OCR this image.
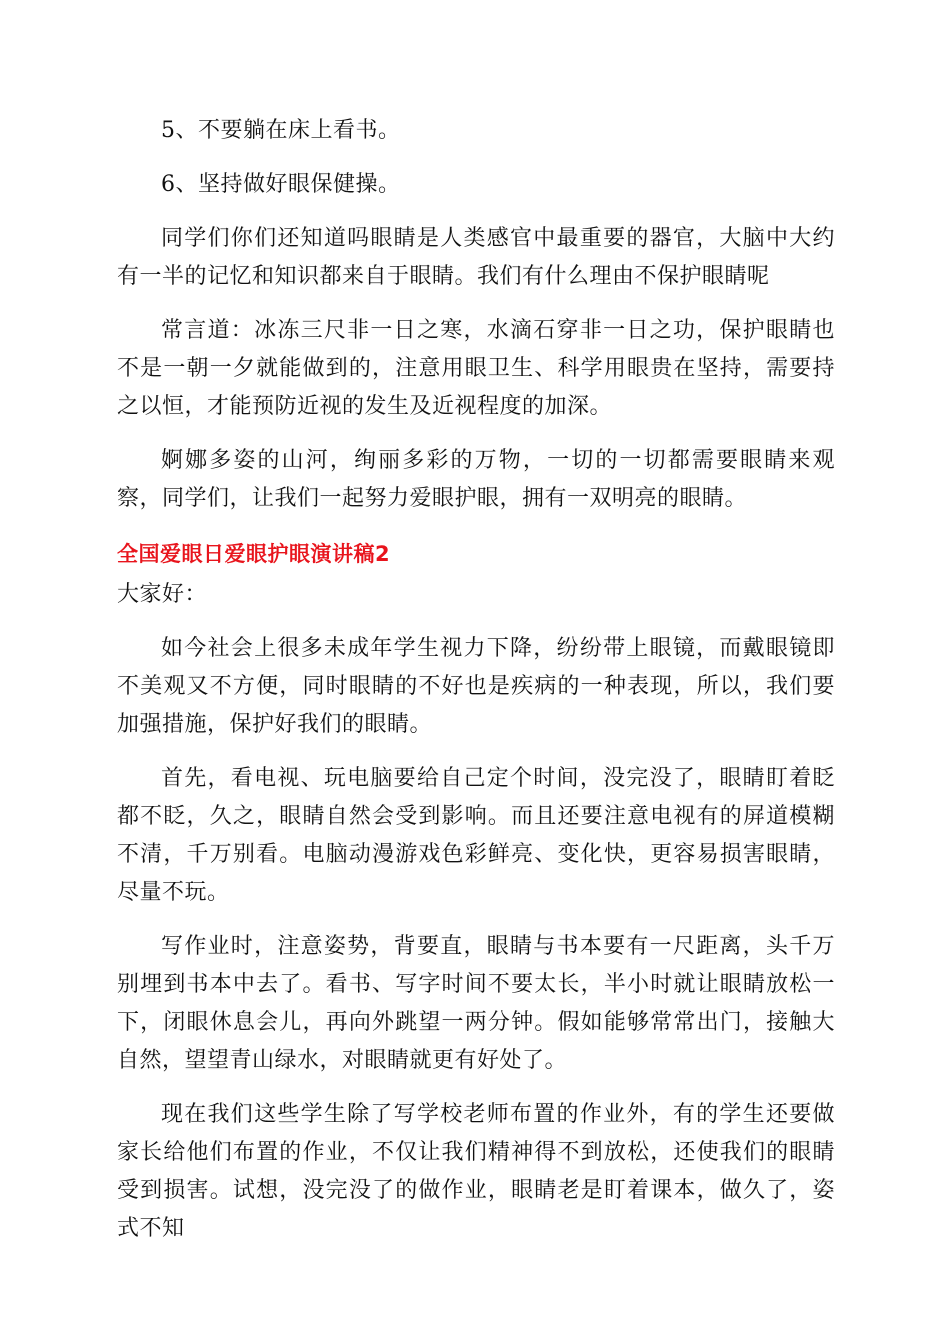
5、不要躺在床上看书。

6、坚持做好眼保健操。

同学们你们还知道吗眼睛是人类感官中最重要的器官，大脑中大约有一半的记忆和知识都来自于眼睛。我们有什么理由不保护眼睛呢

常言道：冰冻三尺非一日之寒，水滴石穿非一日之功，保护眼睛也不是一朝一夕就能做到的，注意用眼卫生、科学用眼贵在坚持，需要持之以恒，才能预防近视的发生及近视程度的加深。

婀娜多姿的山河，绚丽多彩的万物，一切的一切都需要眼睛来观察，同学们，让我们一起努力爱眼护眼，拥有一双明亮的眼睛。

全国爱眼日爱眼护眼演讲稿2

大家好：

如今社会上很多未成年学生视力下降，纷纷带上眼镜，而戴眼镜即不美观又不方便，同时眼睛的不好也是疾病的一种表现，所以，我们要加强措施，保护好我们的眼睛。

首先，看电视、玩电脑要给自己定个时间，没完没了，眼睛盯着眨都不眨，久之，眼睛自然会受到影响。而且还要注意电视有的屏道模糊不清，千万别看。电脑动漫游戏色彩鲜亮、变化快，更容易损害眼睛，尽量不玩。

写作业时，注意姿势，背要直，眼睛与书本要有一尺距离，头千万别埋到书本中去了。看书、写字时间不要太长，半小时就让眼睛放松一下，闭眼休息会儿，再向外跳望一两分钟。假如能够常常出门，接触大自然，望望青山绿水，对眼睛就更有好处了。

现在我们这些学生除了写学校老师布置的作业外，有的学生还要做家长给他们布置的作业，不仅让我们精神得不到放松，还使我们的眼睛受到损害。试想，没完没了的做作业，眼睛老是盯着课本，做久了，姿式不知
